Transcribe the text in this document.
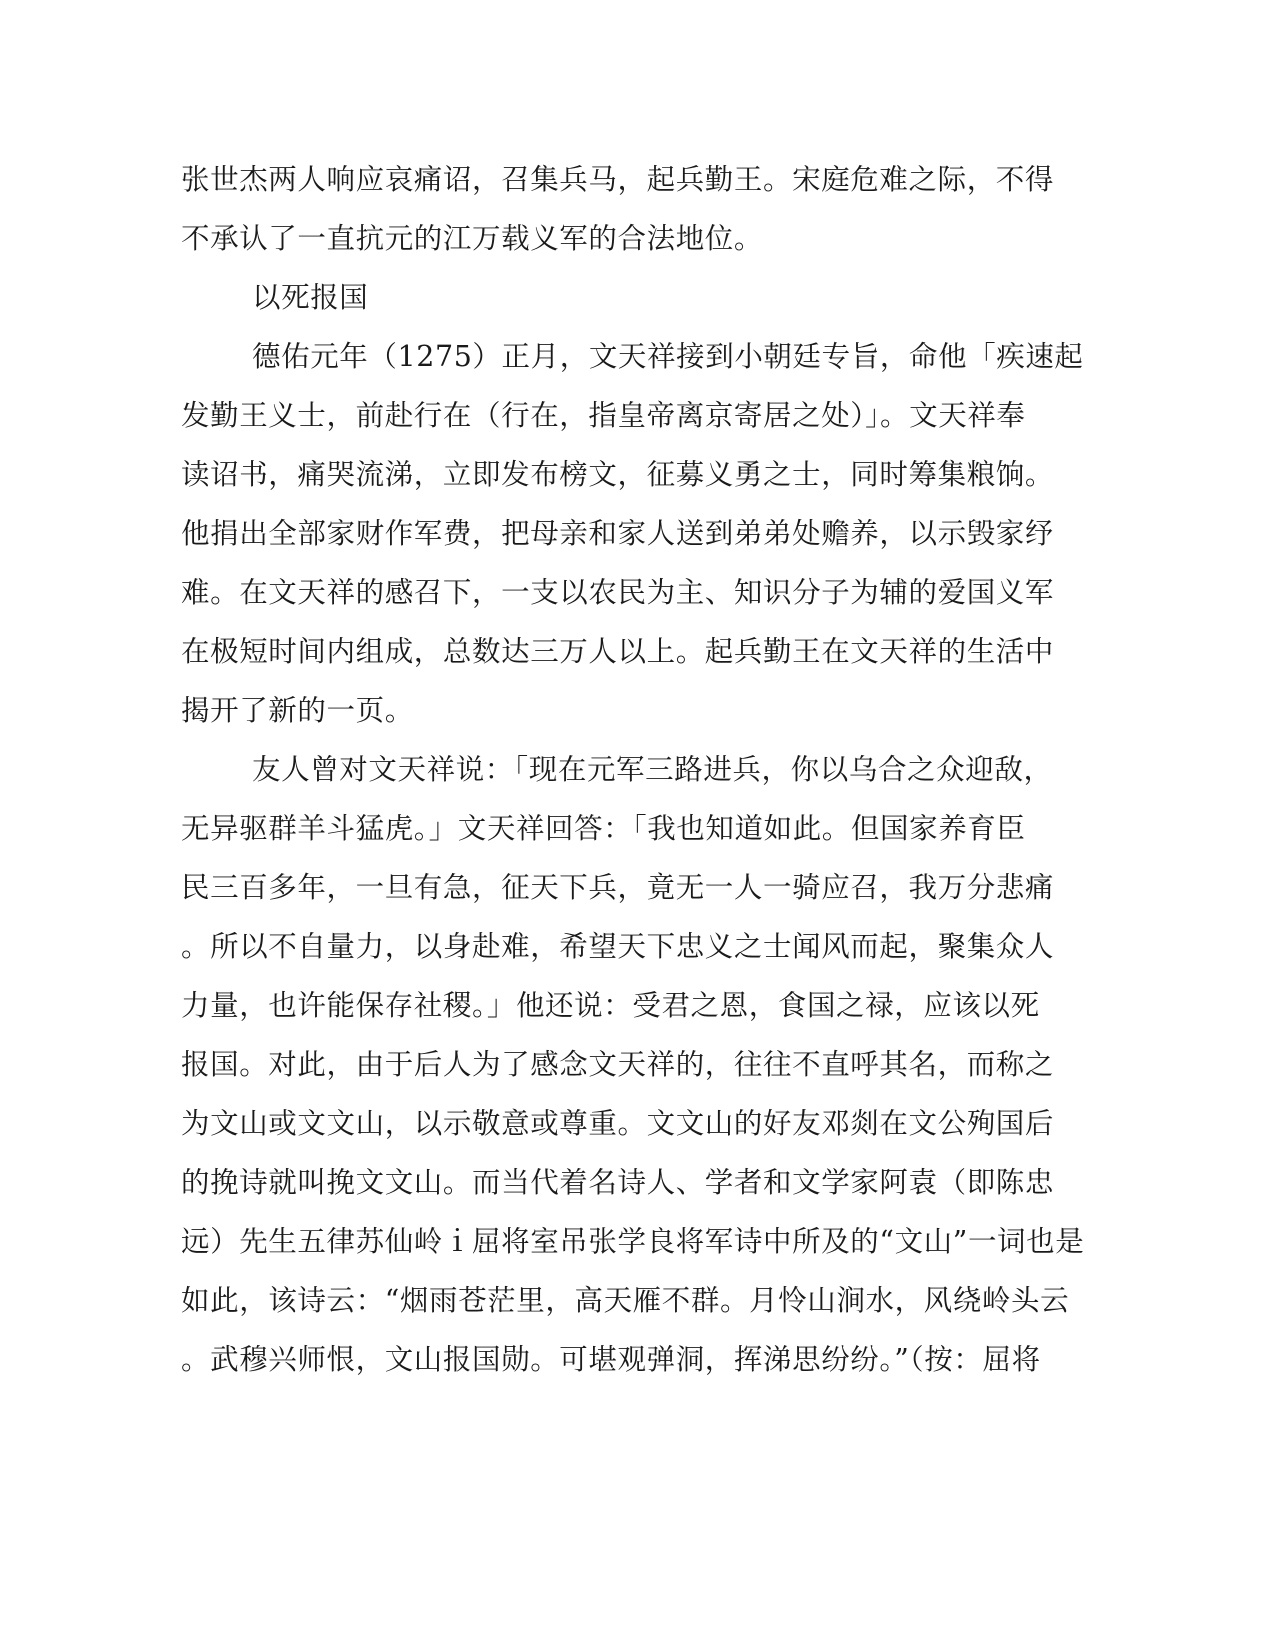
张世杰两人响应哀痛诏，召集兵马，起兵勤王。宋庭危难之际，不得
不承认了一直抗元的江万载义军的合法地位。
以死报国
德佑元年（1275）正月，文天祥接到小朝廷专旨，命他「疾速起
发勤王义士，前赴行在（行在，指皇帝离京寄居之处）」。文天祥奉
读诏书，痛哭流涕，立即发布榜文，征募义勇之士，同时筹集粮饷。
他捐出全部家财作军费，把母亲和家人送到弟弟处赡养，以示毁家纾
难。在文天祥的感召下，一支以农民为主、知识分子为辅的爱国义军
在极短时间内组成，总数达三万人以上。起兵勤王在文天祥的生活中
揭开了新的一页。
友人曾对文天祥说：「现在元军三路进兵，你以乌合之众迎敌，
无异驱群羊斗猛虎。」文天祥回答：「我也知道如此。但国家养育臣
民三百多年，一旦有急，征天下兵，竟无一人一骑应召，我万分悲痛
。所以不自量力，以身赴难，希望天下忠义之士闻风而起，聚集众人
力量，也许能保存社稷。」他还说：受君之恩，食国之禄，应该以死
报国。对此，由于后人为了感念文天祥的，往往不直呼其名，而称之
为文山或文文山，以示敬意或尊重。文文山的好友邓剡在文公殉国后
的挽诗就叫挽文文山。而当代着名诗人、学者和文学家阿袁（即陈忠
远）先生五律苏仙岭ｉ屈将室吊张学良将军诗中所及的“文山”一词也是
如此，该诗云：“烟雨苍茫里，高天雁不群。月怜山涧水，风绕岭头云
。武穆兴师恨，文山报国勋。可堪观弹洞，挥涕思纷纷。”（按：屈将
